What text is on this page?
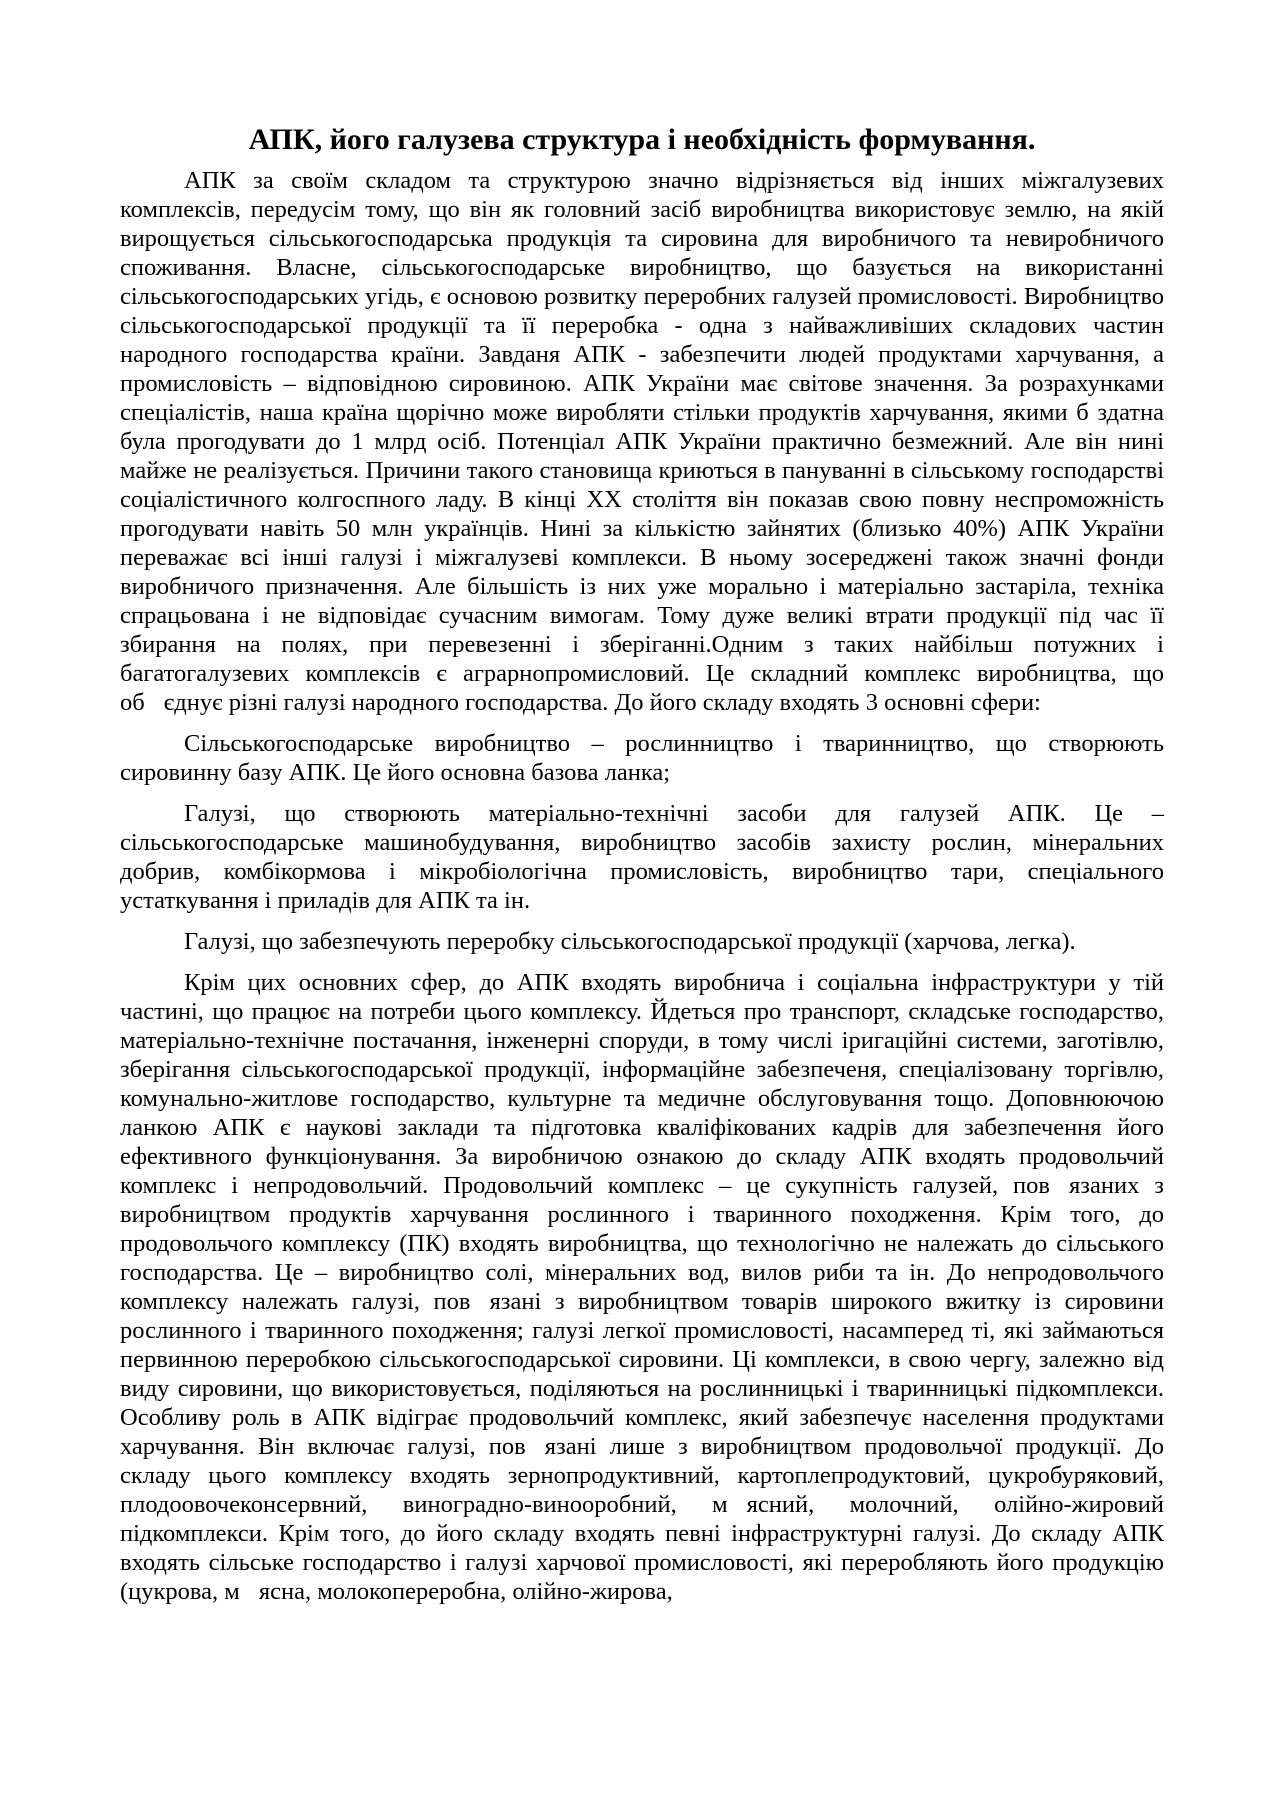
АПК, його галузева структура і необхідність формування.

АПК за своїм складом та структурою значно відрізняється від інших міжгалузевих комплексів, передусім тому, що він як головний засіб виробництва використовує землю, на якій вирощується сільськогосподарська продукція та сировина для виробничого та невиробничого споживання. Власне, сільськогосподарське виробництво, що базується на використанні сільськогосподарських угідь, є основою розвитку переробних галузей промисловості. Виробництво сільськогосподарської продукції та її переробка - одна з найважливіших складових частин народного господарства країни. Завданя АПК - забезпечити людей продуктами харчування, а промисловість – відповідною сировиною. АПК України має світове значення. За розрахунками спеціалістів, наша країна щорічно може виробляти стільки продуктів харчування, якими б здатна була прогодувати до 1 млрд осіб. Потенціал АПК України практично безмежний. Але він нині майже не реалізується. Причини такого становища криються в пануванні в сільському господарстві соціалістичного колгоспного ладу. В кінці XX століття він показав свою повну неспроможність прогодувати навіть 50 млн українців. Нині за кількістю зайнятих (близько 40%) АПК України переважає всі інші галузі і міжгалузеві комплекси. В ньому зосереджені також значні фонди виробничого призначення. Але більшість із них уже морально і матеріально застаріла, техніка спрацьована і не відповідає сучасним вимогам. Тому дуже великі втрати продукції під час її збирання на полях, при перевезенні і зберіганні.Одним з таких найбільш потужних і багатогалузевих комплексів є аграрнопромисловий. Це складний комплекс виробництва, що об󰂥єднує різні галузі народного господарства. До його складу входять 3 основні сфери:

Сільськогосподарське виробництво – рослинництво і тваринництво, що створюють сировинну базу АПК. Це його основна базова ланка;

Галузі, що створюють матеріально-технічні засоби для галузей АПК. Це – сільськогосподарське машинобудування, виробництво засобів захисту рослин, мінеральних добрив, комбікормова і мікробіологічна промисловість, виробництво тари, спеціального устаткування і приладів для АПК та ін.

Галузі, що забезпечують переробку сільськогосподарської продукції (харчова, легка).

Крім цих основних сфер, до АПК входять виробнича і соціальна інфраструктури у тій частині, що працює на потреби цього комплексу. Йдеться про транспорт, складське господарство, матеріально-технічне постачання, інженерні споруди, в тому числі іригаційні системи, заготівлю, зберігання сільськогосподарської продукції, інформаційне забезпеченя, спеціалізовану торгівлю, комунально-житлове господарство, культурне та медичне обслуговування тощо. Доповнюючою ланкою АПК є наукові заклади та підготовка кваліфікованих кадрів для забезпечення його ефективного функціонування. За виробничою ознакою до складу АПК входять продовольчий комплекс і непродовольчий. Продовольчий комплекс – це сукупність галузей, пов󰂥язаних з виробництвом продуктів харчування рослинного і тваринного походження. Крім того, до продовольчого комплексу (ПК) входять виробництва, що технологічно не належать до сільського господарства. Це – виробництво солі, мінеральних вод, вилов риби та ін. До непродовольчого комплексу належать галузі, пов󰂥язані з виробництвом товарів широкого вжитку із сировини рослинного і тваринного походження; галузі легкої промисловості, насамперед ті, які займаються первинною переробкою сільськогосподарської сировини. Ці комплекси, в свою чергу, залежно від виду сировини, що використовується, поділяються на рослинницькі і тваринницькі підкомплекси. Особливу роль в АПК відіграє продовольчий комплекс, який забезпечує населення продуктами харчування. Він включає галузі, пов󰂥язані лише з виробництвом продовольчої продукції. До складу цього комплексу входять зернопродуктивний, картоплепродуктовий, цукробуряковий, плодоовочеконсервний, виноградно-винооробний, м󰂥ясний, молочний, олійно-жировий підкомплекси. Крім того, до його складу входять певні інфраструктурні галузі. До складу АПК входять сільське господарство і галузі харчової промисловості, які переробляють його продукцію (цукрова, м󰂥ясна, молокопереробна, олійно-жирова,
